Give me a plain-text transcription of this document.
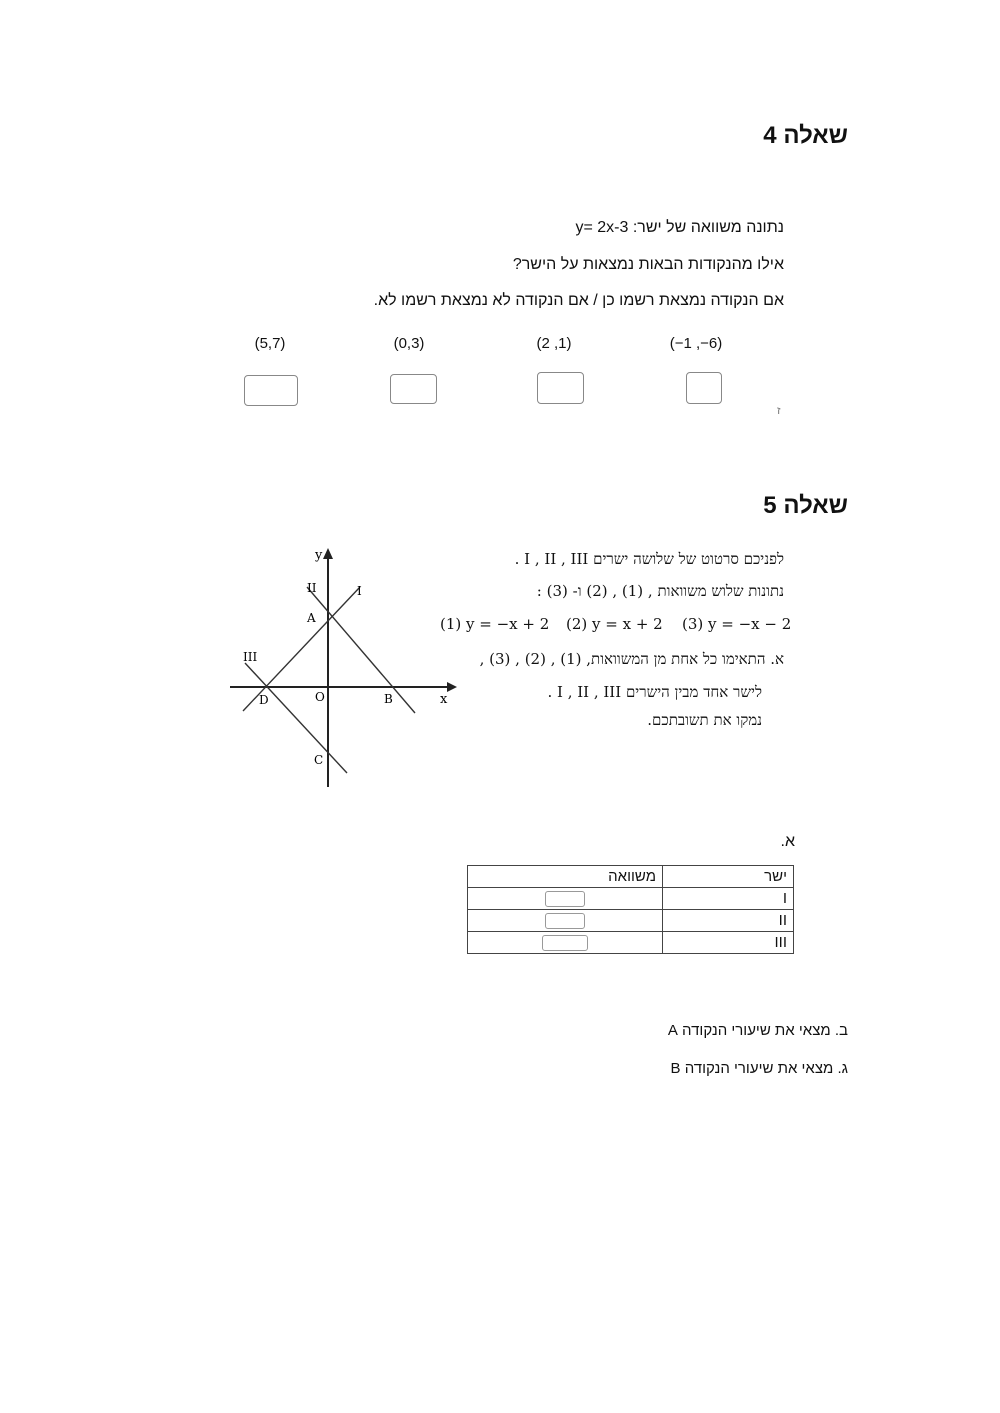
שאלה 4
נתונה משוואה של ישר: y= 2x-3
אילו מהנקודות הבאות נמצאות על הישר?
אם הנקודה נמצאת רשמו כן / אם הנקודה לא נמצאת רשמו לא.
(5,7)	(0,3)	(2 ,1)	(−1 ,−6)
ז
שאלה 5
y
x
O
I
II
III
A
B
C
D
לפניכם סרטוט של שלושה ישרים I , II , III .
נתונות שלוש משוואות , (1) , (2) ו- (3) :
(1) y = −x + 2 (2) y = x + 2 (3) y = −x − 2
א. התאימו כל אחת מן המשוואות, (1) , (2) , (3) ,
לישר אחד מבין הישרים I , II , III .
נמקו את תשובתכם.
א.
משוואה	ישר
	I
	II
	III
ב. מצאי את שיעורי הנקודה A
ג. מצאי את שיעורי הנקודה B
